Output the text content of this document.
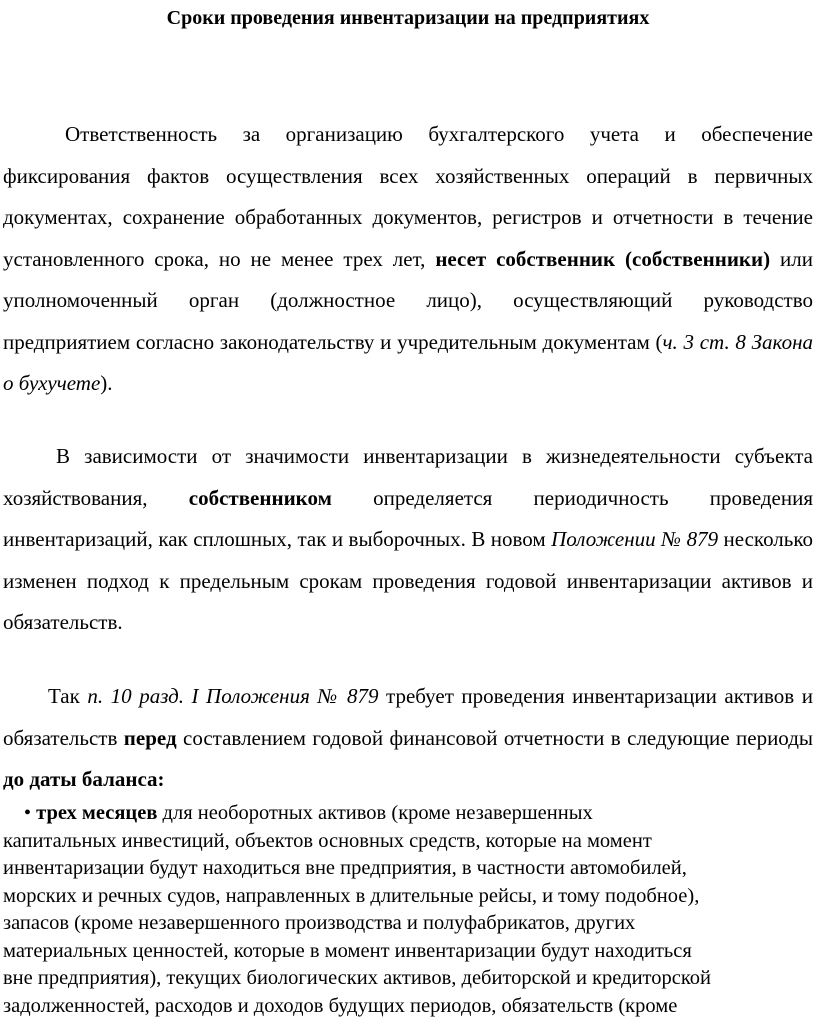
Сроки проведения инвентаризации на предприятиях

Ответственность за организацию бухгалтерского учета и обеспечение фиксирования фактов осуществления всех хозяйственных операций в первичных документах, сохранение обработанных документов, регистров и отчетности в течение установленного срока, но не менее трех лет, несет собственник (собственники) или уполномоченный орган (должностное лицо), осуществляющий руководство предприятием согласно законодательству и учредительным документам (ч. 3 ст. 8 Закона о бухучете).

В зависимости от значимости инвентаризации в жизнедеятельности субъекта хозяйствования, собственником определяется периодичность проведения инвентаризаций, как сплошных, так и выборочных. В новом Положении № 879 несколько изменен подход к предельным срокам проведения годовой инвентаризации активов и обязательств.

Так п. 10 разд. I Положения № 879 требует проведения инвентаризации активов и обязательств перед составлением годовой финансовой отчетности в следующие периоды до даты баланса:

• трех месяцев для необоротных активов (кроме незавершенных
капитальных инвестиций, объектов основных средств, которые на момент
инвентаризации будут находиться вне предприятия, в частности автомобилей,
морских и речных судов, направленных в длительные рейсы, и тому подобное),
запасов (кроме незавершенного производства и полуфабрикатов, других
материальных ценностей, которые в момент инвентаризации будут находиться
вне предприятия), текущих биологических активов, дебиторской и кредиторской
задолженностей, расходов и доходов будущих периодов, обязательств (кроме
